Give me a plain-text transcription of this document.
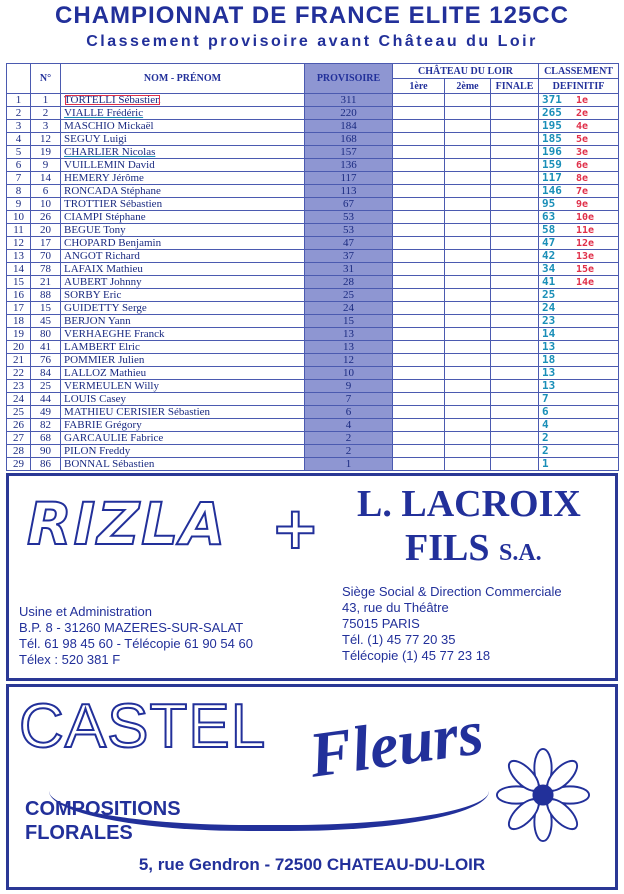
CHAMPIONNAT DE FRANCE ELITE 125CC
Classement provisoire avant Château du Loir
	N°	NOM - PRÉNOM	PROVISOIRE	CHÂTEAU DU LOIR			CLASSEMENT
				1ère	2ème	FINALE	DEFINITIF
1	1	TORTELLI Sébastien	311				371 1e
2	2	VIALLE Frédéric	220				265 2e
3	3	MASCHIO Mickaël	184				195 4e
4	12	SEGUY Luigi	168				185 5e
5	19	CHARLIER Nicolas	157				196 3e
6	9	VUILLEMIN David	136				159 6e
7	14	HEMERY Jérôme	117				117 8e
8	6	RONCADA Stéphane	113				146 7e
9	10	TROTTIER Sébastien	67				95 9e
10	26	CIAMPI Stéphane	53				63 10e
11	20	BEGUE Tony	53				58 11e
12	17	CHOPARD Benjamin	47				47 12e
13	70	ANGOT Richard	37				42 13e
14	78	LAFAIX Mathieu	31				34 15e
15	21	AUBERT Johnny	28				41 14e
16	88	SORBY Eric	25				25
17	15	GUIDETTY Serge	24				24
18	45	BERJON Yann	15				23
19	80	VERHAEGHE Franck	13				14
20	41	LAMBERT Elric	13				13
21	76	POMMIER Julien	12				18
22	84	LALLOZ Mathieu	10				13
23	25	VERMEULEN Willy	9				13
24	44	LOUIS Casey	7				7
25	49	MATHIEU CERISIER Sébastien	6				6
26	82	FABRIE Grégory	4				4
27	68	GARCAULIE Fabrice	2				2
28	90	PILON Freddy	2				2
29	86	BONNAL Sébastien	1				1
RIZLA + L. LACROIX
FILS S.A.
Usine et Administration
B.P. 8 - 31260 MAZERES-SUR-SALAT
Tél. 61 98 45 60 - Télécopie 61 90 54 60
Télex : 520 381 F
Siège Social & Direction Commerciale
43, rue du Théâtre
75015 PARIS
Tél. (1) 45 77 20 35
Télécopie (1) 45 77 23 18
CASTEL Fleurs
COMPOSITIONS
FLORALES
5, rue Gendron - 72500 CHATEAU-DU-LOIR
